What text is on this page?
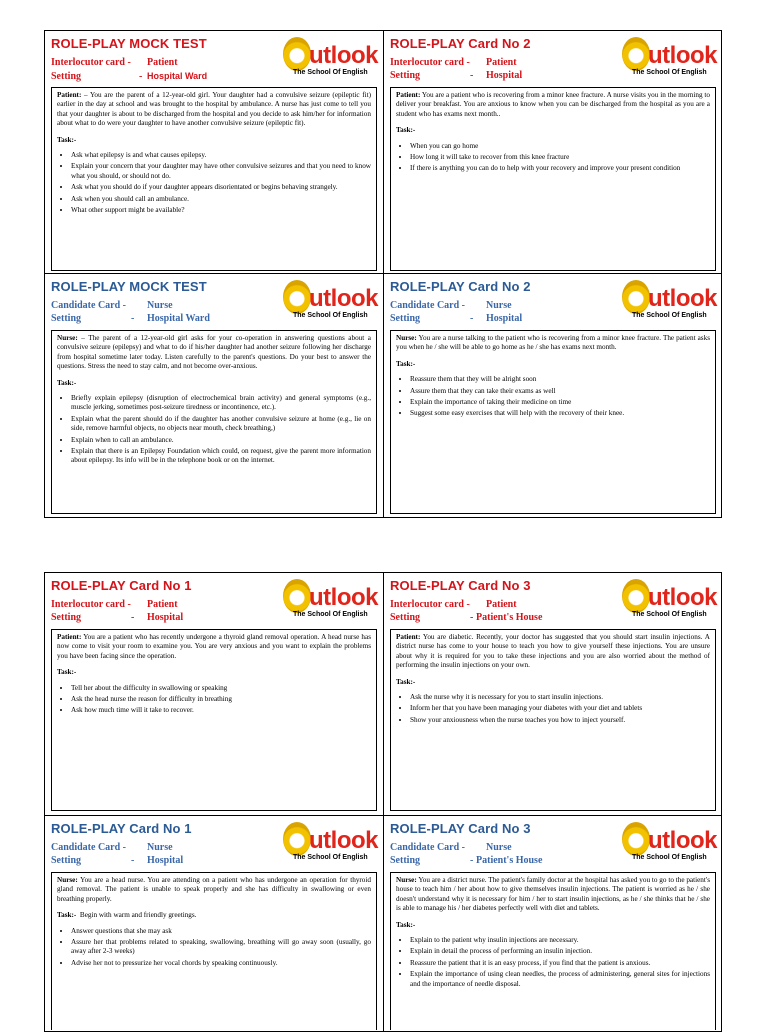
ROLE-PLAY MOCK TEST
Interlocutor card - Patient
Setting	- Hospital Ward
utlook
The School Of English

Patient: – You are the parent of a 12-year-old girl. Your daughter had a convulsive seizure (epileptic fit) earlier in the day at school and was brought to the hospital by ambulance. A nurse has just come to tell you that your daughter is about to be discharged from the hospital and you decide to ask him/her for information about what to do were your daughter to have another convulsive seizure (epileptic fit).

Task:-
• Ask what epilepsy is and what causes epilepsy.
• Explain your concern that your daughter may have other convulsive seizures and that you need to know what you should, or should not do.
• Ask what you should do if your daughter appears disorientated or begins behaving strangely.
• Ask when you should call an ambulance.
• What other support might be available?
ROLE-PLAY Card No 2
Interlocutor card - Patient
Setting	- Hospital
utlook
The School Of English

Patient: You are a patient who is recovering from a minor knee fracture. A nurse visits you in the morning to deliver your breakfast. You are anxious to know when you can be discharged from the hospital as you are a student who has exams next month..

Task:-
• When you can go home
• How long it will take to recover from this knee fracture
• If there is anything you can do to help with your recovery and improve your present condition
ROLE-PLAY MOCK TEST
Candidate Card - Nurse
Setting	- Hospital Ward
utlook
The School Of English

Nurse: – The parent of a 12-year-old girl asks for your co-operation in answering questions about a convulsive seizure (epilepsy) and what to do if his/her daughter had another seizure following her discharge from hospital sometime later today. Listen carefully to the parent's questions. Do your best to answer the questions. Stress the need to stay calm, and not become over-anxious.

Task:-
• Briefly explain epilepsy (disruption of electrochemical brain activity) and general symptoms (e.g., muscle jerking, sometimes post-seizure tiredness or incontinence, etc.).
• Explain what the parent should do if the daughter has another convulsive seizure at home (e.g., lie on side, remove harmful objects, no objects near mouth, check breathing,)
• Explain when to call an ambulance.
• Explain that there is an Epilepsy Foundation which could, on request, give the parent more information about epilepsy. Its info will be in the telephone book or on the internet.
ROLE-PLAY Card No 2
Candidate Card - Nurse
Setting	- Hospital
utlook
The School Of English

Nurse: You are a nurse talking to the patient who is recovering from a minor knee fracture. The patient asks you when he / she will be able to go home as he / she has exams next month.

Task:-
• Reassure them that they will be alright soon
• Assure them that they can take their exams as well
• Explain the importance of taking their medicine on time
• Suggest some easy exercises that will help with the recovery of their knee.
ROLE-PLAY Card No 1
Interlocutor card - Patient
Setting	- Hospital
utlook
The School Of English

Patient: You are a patient who has recently undergone a thyroid gland removal operation. A head nurse has now come to visit your room to examine you. You are very anxious and you want to explain the problems you have been facing since the operation.

Task:-
• Tell her about the difficulty in swallowing or speaking
• Ask the head nurse the reason for difficulty in breathing
• Ask how much time will it take to recover.
ROLE-PLAY Card No 3
Interlocutor card - Patient
Setting	- Patient's House
utlook
The School Of English

Patient: You are diabetic. Recently, your doctor has suggested that you should start insulin injections. A district nurse has come to your house to teach you how to give yourself these injections. You are unsure about why it is required for you to take these injections and you are also worried about the method of performing the insulin injections on your own.

Task:-
• Ask the nurse why it is necessary for you to start insulin injections.
• Inform her that you have been managing your diabetes with your diet and tablets
• Show your anxiousness when the nurse teaches you how to inject yourself.
ROLE-PLAY Card No 1
Candidate Card - Nurse
Setting	- Hospital
utlook
The School Of English

Nurse: You are a head nurse. You are attending on a patient who has undergone an operation for thyroid gland removal. The patient is unable to speak properly and she has difficulty in swallowing or even breathing properly.

Task:- Begin with warm and friendly greetings.
• Answer questions that she may ask
• Assure her that problems related to speaking, swallowing, breathing will go away soon (usually, go away after 2-3 weeks)
• Advise her not to pressurize her vocal chords by speaking continuously.
ROLE-PLAY Card No 3
Candidate Card - Nurse
Setting	- Patient's House
utlook
The School Of English

Nurse: You are a district nurse. The patient's family doctor at the hospital has asked you to go to the patient's house to teach him / her about how to give themselves insulin injections. The patient is worried as he / she doesn't understand why it is necessary for him / her to start insulin injections, as he / she thinks that he / she is able to manage his / her diabetes perfectly well with diet and tablets.

Task:-
• Explain to the patient why insulin injections are necessary.
• Explain in detail the process of performing an insulin injection.
• Reassure the patient that it is an easy process, if you find that the patient is anxious.
• Explain the importance of using clean needles, the process of administering, general sites for injections and the importance of needle disposal.
